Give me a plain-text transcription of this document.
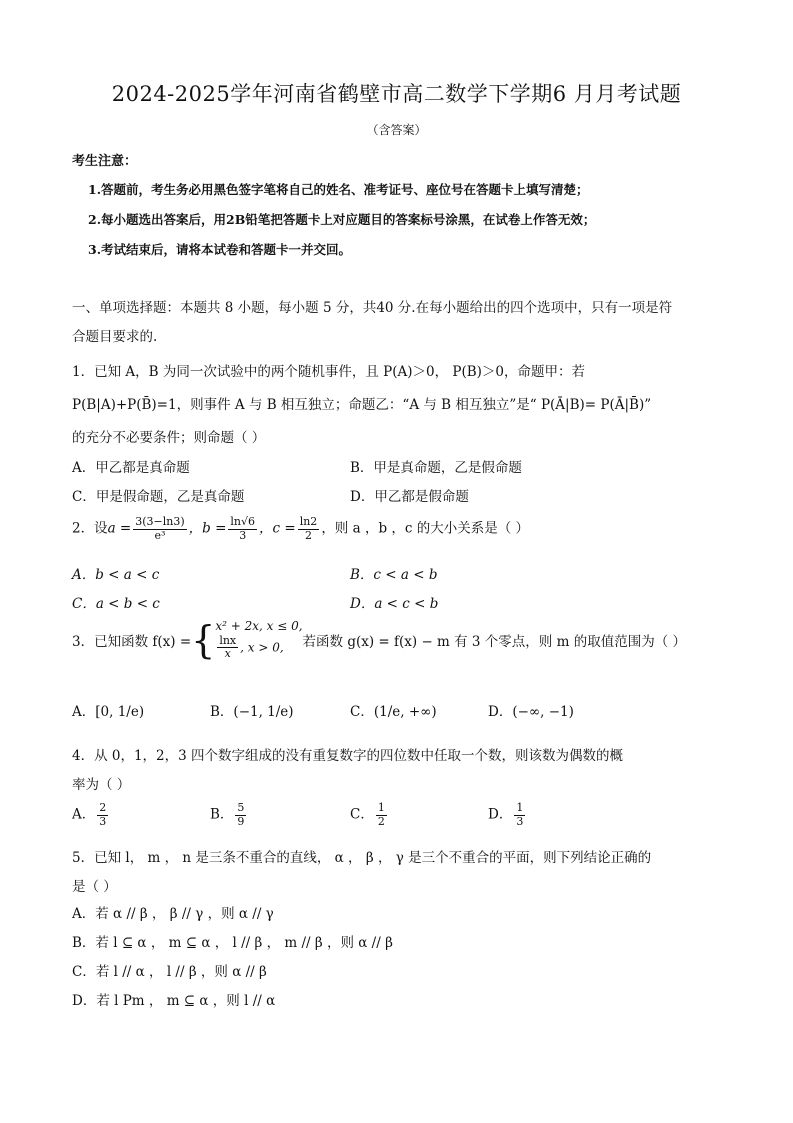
2024-2025学年河南省鹤壁市高二数学下学期6 月月考试题
（含答案）
考生注意：
1.答题前，考生务必用黑色签字笔将自己的姓名、准考证号、座位号在答题卡上填写清楚；
2.每小题选出答案后，用2B铅笔把答题卡上对应题目的答案标号涂黑，在试卷上作答无效；
3.考试结束后，请将本试卷和答题卡一并交回。
一、单项选择题：本题共 8 小题，每小题 5 分，共40 分.在每小题给出的四个选项中，只有一项是符
合题目要求的.
1．已知 A，B 为同一次试验中的两个随机事件，且 P(A)＞0， P(B)＞0，命题甲：若
P(B|A)+P(B̄)=1，则事件 A 与 B 相互独立；命题乙：“A 与 B 相互独立”是“ P(Ā|B)= P(Ā|B̄)”
的充分不必要条件；则命题（ ）
A．甲乙都是真命题	B．甲是真命题，乙是假命题
C．甲是假命题，乙是真命题	D．甲乙都是假命题
2．设$a = \frac{3(3-\ln 3)}{\text{e³}}$ ，$b = \frac{\ln√6}{3}$ ，$c = \frac{\ln 2}{2}$ ，则 a ，b ，c 的大小关系是（ ）
A．b < a < c	B．c < a < b
C．a < b < c	D．a < c < b
3．已知函数 f(x) ={ x² + 2x, x ≤ 0,
$\frac{\ln x}{x}$ , x > 0,	若函数 g(x) = f(x) − m 有 3 个零点，则 m 的取值范围为（ ）
A．[0, 1/e)	B．(−1, 1/e)	C．(1/e, +∞)	D．(−∞, −1)
4．从 0，1，2，3 四个数字组成的没有重复数字的四位数中任取一个数，则该数为偶数的概
率为（ ）
A． $\frac{2}{3}$	B． $\frac{5}{9}$	C． $\frac{1}{2}$	D． $\frac{1}{3}$
5．已知 l， m ， n 是三条不重合的直线， α ， β ， γ 是三个不重合的平面，则下列结论正确的
是（ ）
A．若 α // β ， β // γ ，则 α // γ
B．若 l ⊆ α ， m ⊆ α ， l // β ， m // β ，则 α // β
C．若 l // α ， l // β ，则 α // β
D．若 l Pm ， m ⊆ α ，则 l // α
